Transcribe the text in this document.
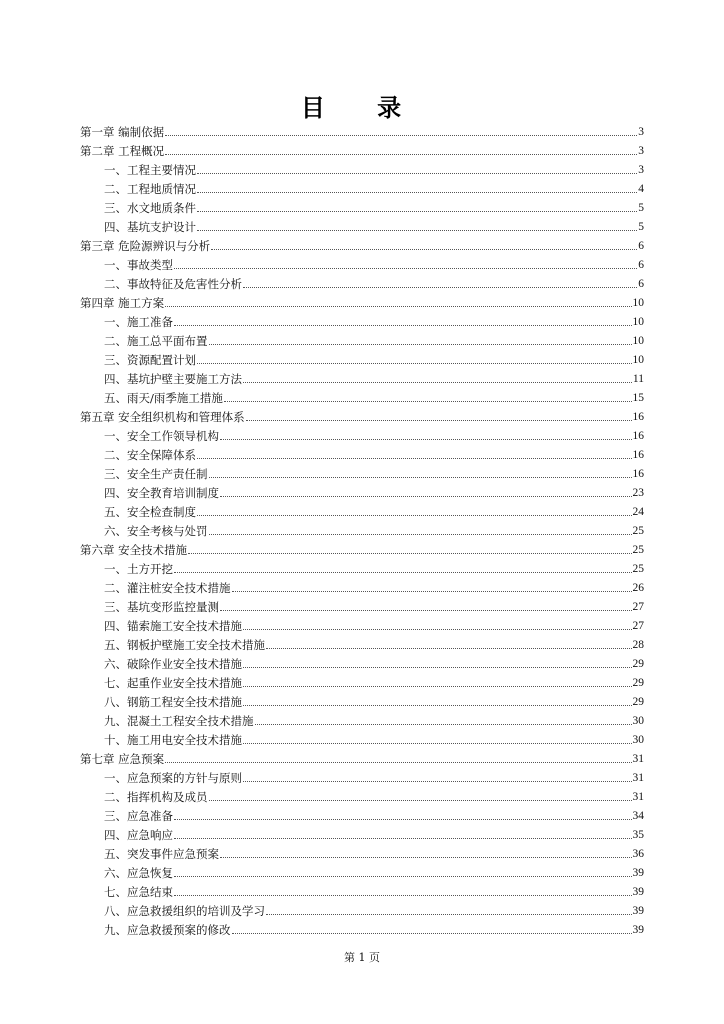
目 录
第一章 编制依据	3
第二章 工程概况	3
一、工程主要情况	3
二、工程地质情况	4
三、水文地质条件	5
四、基坑支护设计	5
第三章 危险源辨识与分析	6
一、事故类型	6
二、事故特征及危害性分析	6
第四章 施工方案	10
一、施工准备	10
二、施工总平面布置	10
三、资源配置计划	10
四、基坑护壁主要施工方法	11
五、雨天/雨季施工措施	15
第五章 安全组织机构和管理体系	16
一、安全工作领导机构	16
二、安全保障体系	16
三、安全生产责任制	16
四、安全教育培训制度	23
五、安全检查制度	24
六、安全考核与处罚	25
第六章 安全技术措施	25
一、土方开挖	25
二、灌注桩安全技术措施	26
三、基坑变形监控量测	27
四、锚索施工安全技术措施	27
五、钢板护壁施工安全技术措施	28
六、破除作业安全技术措施	29
七、起重作业安全技术措施	29
八、钢筋工程安全技术措施	29
九、混凝土工程安全技术措施	30
十、施工用电安全技术措施	30
第七章 应急预案	31
一、应急预案的方针与原则	31
二、指挥机构及成员	31
三、应急准备	34
四、应急响应	35
五、突发事件应急预案	36
六、应急恢复	39
七、应急结束	39
八、应急救援组织的培训及学习	39
九、应急救援预案的修改	39
第 1 页
